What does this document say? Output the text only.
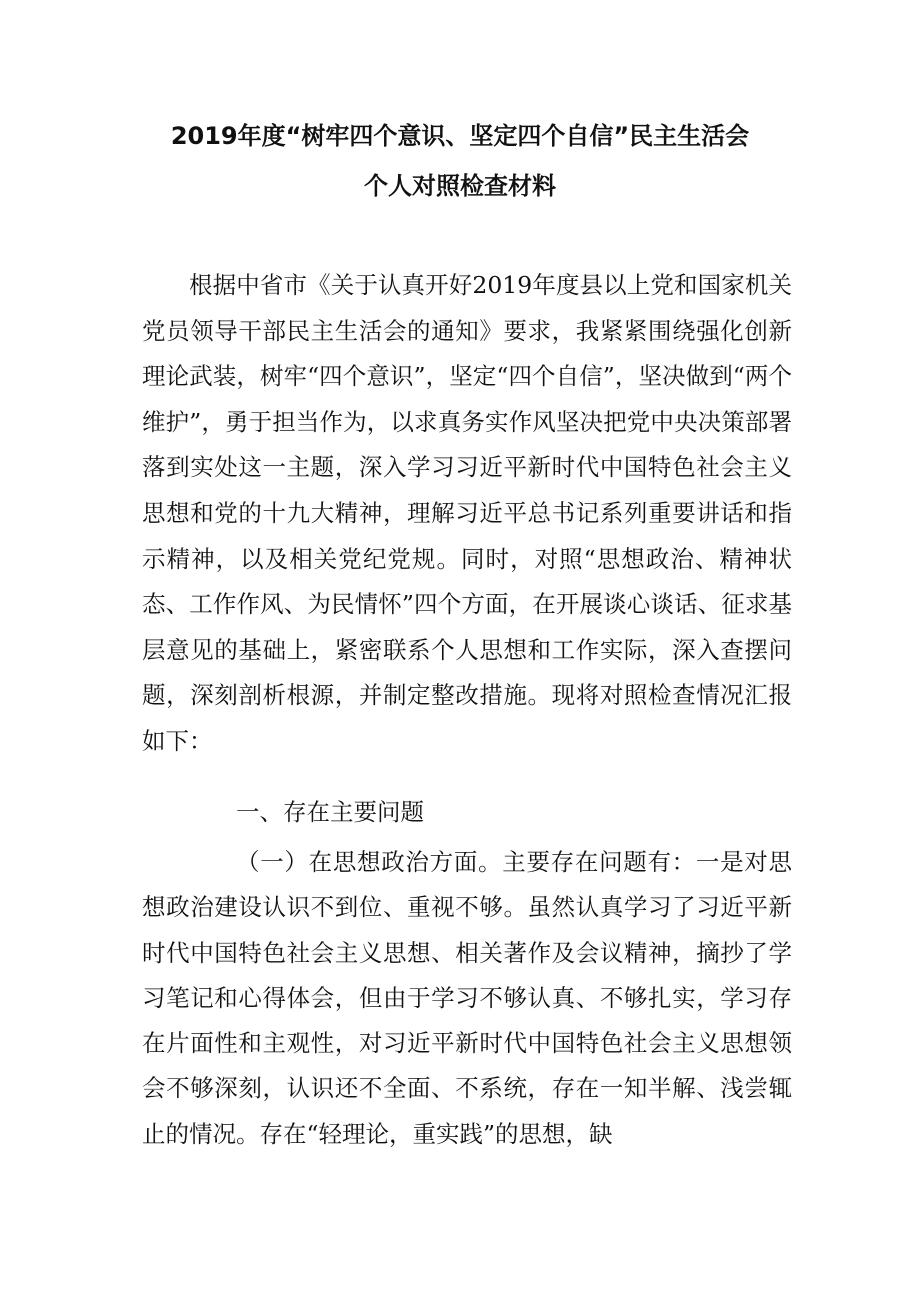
2019年度“树牢四个意识、坚定四个自信”民主生活会
个人对照检查材料
根据中省市《关于认真开好2019年度县以上党和国家机关党员领导干部民主生活会的通知》要求，我紧紧围绕强化创新理论武装，树牢“四个意识”，坚定“四个自信”，坚决做到“两个维护”，勇于担当作为，以求真务实作风坚决把党中央决策部署落到实处这一主题，深入学习习近平新时代中国特色社会主义思想和党的十九大精神，理解习近平总书记系列重要讲话和指示精神，以及相关党纪党规。同时，对照“思想政治、精神状态、工作作风、为民情怀”四个方面，在开展谈心谈话、征求基层意见的基础上，紧密联系个人思想和工作实际，深入查摆问题，深刻剖析根源，并制定整改措施。现将对照检查情况汇报如下：
一、存在主要问题
（一）在思想政治方面。主要存在问题有：一是对思想政治建设认识不到位、重视不够。虽然认真学习了习近平新时代中国特色社会主义思想、相关著作及会议精神，摘抄了学习笔记和心得体会，但由于学习不够认真、不够扎实，学习存在片面性和主观性，对习近平新时代中国特色社会主义思想领会不够深刻，认识还不全面、不系统，存在一知半解、浅尝辄止的情况。存在“轻理论，重实践”的思想，缺
